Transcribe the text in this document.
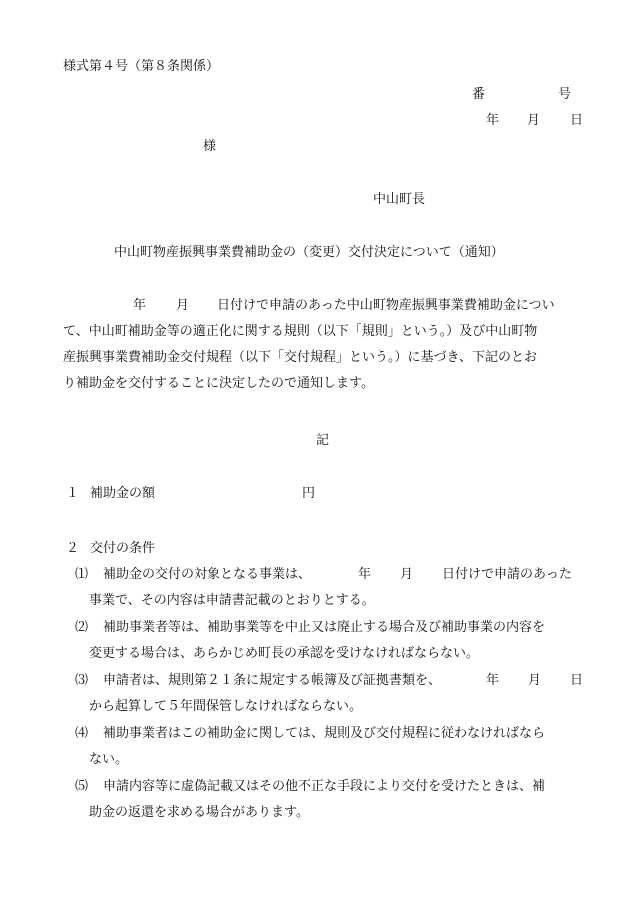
様式第４号（第８条関係）
番	号
年 月 日
様
中山町長
中山町物産振興事業費補助金の（変更）交付決定について（通知）
年 月 日付けで申請のあった中山町物産振興事業費補助金につい
て、中山町補助金等の適正化に関する規則（以下「規則」という。）及び中山町物
産振興事業費補助金交付規程（以下「交付規程」という。）に基づき、下記のとお
り補助金を交付することに決定したので通知します。
記
１ 補助金の額	円
２ 交付の条件
⑴ 補助金の交付の対象となる事業は、	年 月 日付けで申請のあった
事業で、その内容は申請書記載のとおりとする。
⑵ 補助事業者等は、補助事業等を中止又は廃止する場合及び補助事業の内容を
変更する場合は、あらかじめ町長の承認を受けなければならない。
⑶ 申請者は、規則第２１条に規定する帳簿及び証拠書類を、	年 月 日
から起算して５年間保管しなければならない。
⑷ 補助事業者はこの補助金に関しては、規則及び交付規程に従わなければなら
ない。
⑸ 申請内容等に虚偽記載又はその他不正な手段により交付を受けたときは、補
助金の返還を求める場合があります。
